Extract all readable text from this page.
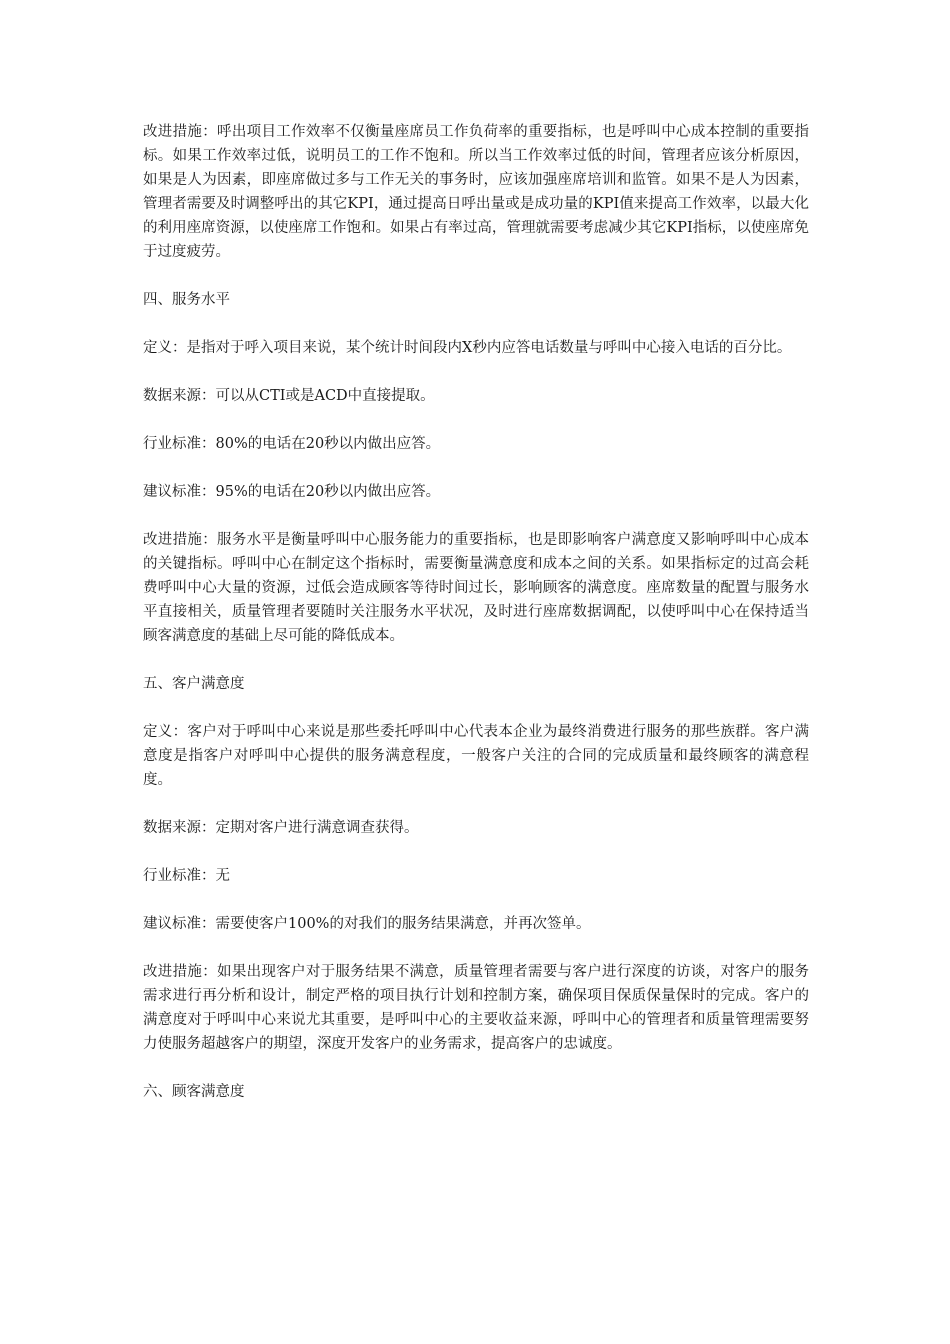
改进措施：呼出项目工作效率不仅衡量座席员工作负荷率的重要指标，也是呼叫中心成本控制的重要指标。如果工作效率过低，说明员工的工作不饱和。所以当工作效率过低的时间，管理者应该分析原因，如果是人为因素，即座席做过多与工作无关的事务时，应该加强座席培训和监管。如果不是人为因素，管理者需要及时调整呼出的其它KPI，通过提高日呼出量或是成功量的KPI值来提高工作效率，以最大化的利用座席资源，以使座席工作饱和。如果占有率过高，管理就需要考虑减少其它KPI指标，以使座席免于过度疲劳。

四、服务水平

定义：是指对于呼入项目来说，某个统计时间段内X秒内应答电话数量与呼叫中心接入电话的百分比。

数据来源：可以从CTI或是ACD中直接提取。

行业标准：80%的电话在20秒以内做出应答。

建议标准：95%的电话在20秒以内做出应答。

改进措施：服务水平是衡量呼叫中心服务能力的重要指标，也是即影响客户满意度又影响呼叫中心成本的关键指标。呼叫中心在制定这个指标时，需要衡量满意度和成本之间的关系。如果指标定的过高会耗费呼叫中心大量的资源，过低会造成顾客等待时间过长，影响顾客的满意度。座席数量的配置与服务水平直接相关，质量管理者要随时关注服务水平状况，及时进行座席数据调配，以使呼叫中心在保持适当顾客满意度的基础上尽可能的降低成本。

五、客户满意度

定义：客户对于呼叫中心来说是那些委托呼叫中心代表本企业为最终消费进行服务的那些族群。客户满意度是指客户对呼叫中心提供的服务满意程度，一般客户关注的合同的完成质量和最终顾客的满意程度。

数据来源：定期对客户进行满意调查获得。

行业标准：无

建议标准：需要使客户100%的对我们的服务结果满意，并再次签单。

改进措施：如果出现客户对于服务结果不满意，质量管理者需要与客户进行深度的访谈，对客户的服务需求进行再分析和设计，制定严格的项目执行计划和控制方案，确保项目保质保量保时的完成。客户的满意度对于呼叫中心来说尤其重要，是呼叫中心的主要收益来源，呼叫中心的管理者和质量管理需要努力使服务超越客户的期望，深度开发客户的业务需求，提高客户的忠诚度。

六、顾客满意度
